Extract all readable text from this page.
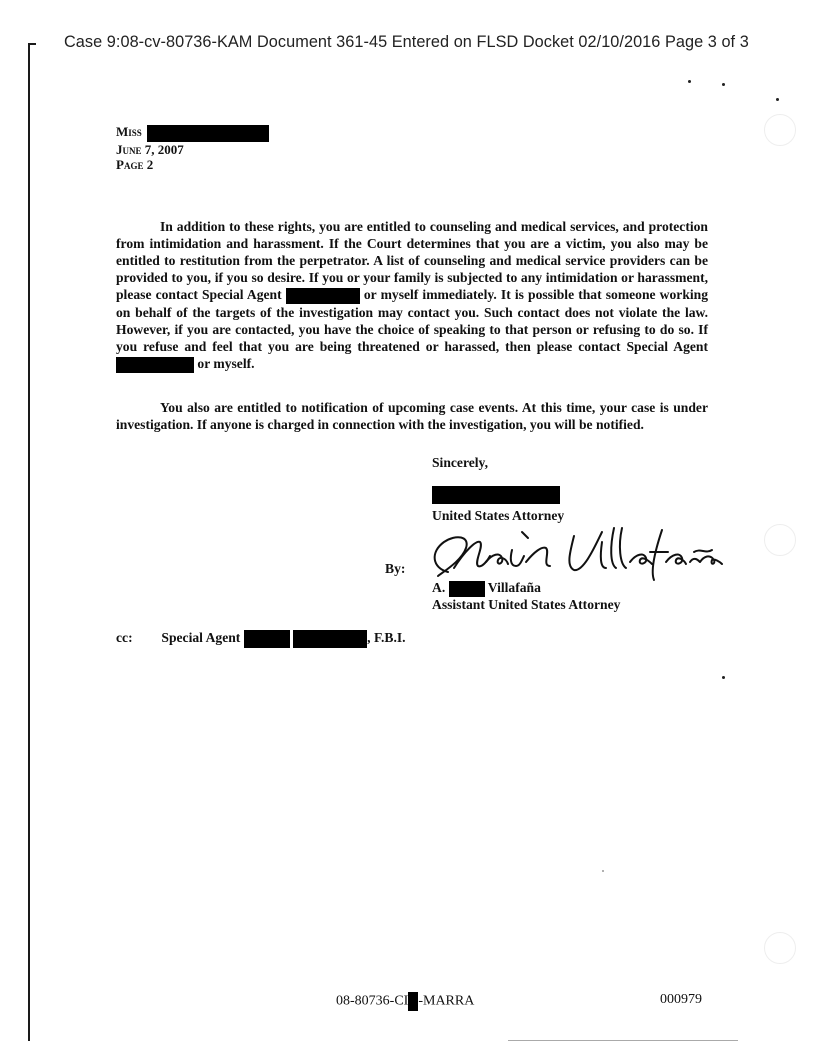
Case 9:08-cv-80736-KAM Document 361-45 Entered on FLSD Docket 02/10/2016 Page 3 of 3
Miss
June 7, 2007
Page 2
In addition to these rights, you are entitled to counseling and medical services, and protection from intimidation and harassment. If the Court determines that you are a victim, you also may be entitled to restitution from the perpetrator. A list of counseling and medical service providers can be provided to you, if you so desire. If you or your family is subjected to any intimidation or harassment, please contact Special Agent	or myself immediately. It is possible that someone working on behalf of the targets of the investigation may contact you. Such contact does not violate the law. However, if you are contacted, you have the choice of speaking to that person or refusing to do so. If you refuse and feel that you are being threatened or harassed, then please contact Special Agent  or myself.
You also are entitled to notification of upcoming case events. At this time, your case is under investigation. If anyone is charged in connection with the investigation, you will be notified.
Sincerely,
United States Attorney
By:
A.	Villafaña
Assistant United States Attorney
cc: Special Agent	, F.B.I.
08-80736-CI -MARRA	000979
